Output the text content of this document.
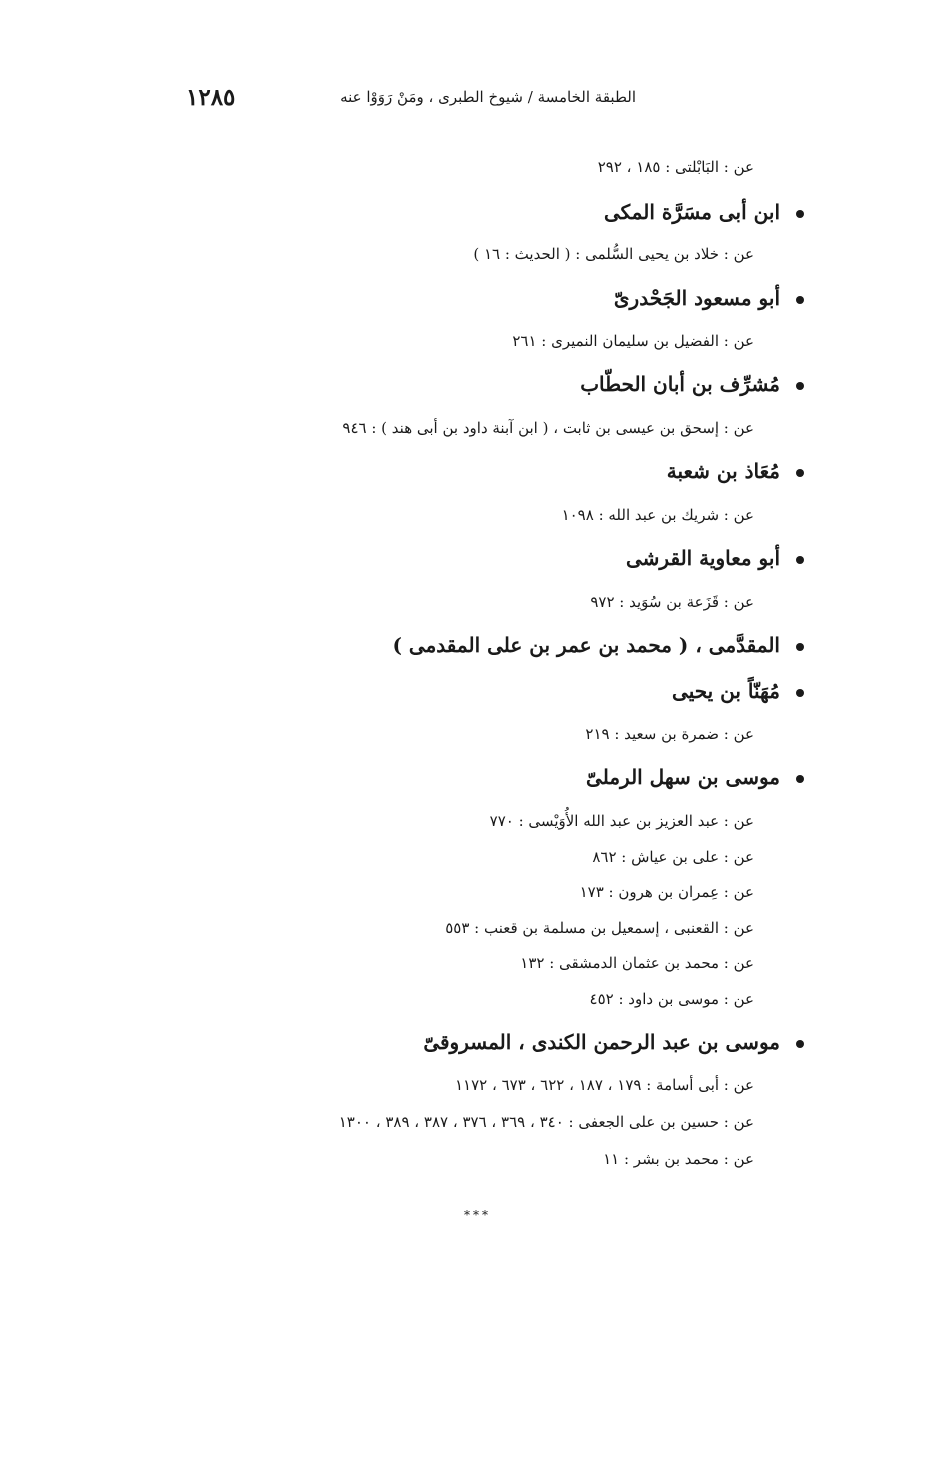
١٢٨٥	الطبقة الخامسة / شيوخ الطبرى ، ومَنْ رَوَوْا عنه
عن : البَابْلتى : ١٨٥ ، ٢٩٢
ابن أبى مسَرَّة المكى
عن : خلاد بن يحيى السُّلمى : ( الحديث : ١٦ )
أبو مسعود الجَحْدرىّ
عن : الفضيل بن سليمان النميرى : ٢٦١
مُشرِّف بن أبان الحطّاب
عن : إسحق بن عيسى بن ثابت ، ( ابن آبنة داود بن أبى هند ) : ٩٤٦
مُعَاذ بن شعبة
عن : شريك بن عبد الله : ١٠٩٨
أبو معاوية القرشى
عن : قَزَعة بن سُوَيد : ٩٧٢
المقدَّمى ، ( محمد بن عمر بن على المقدمى )
مُهَنّاً بن يحيى
عن : ضمرة بن سعيد : ٢١٩
موسى بن سهل الرملىّ
عن : عبد العزيز بن عبد الله الأُوَيْسى : ٧٧٠
عن : على بن عياش : ٨٦٢
عن : عِمران بن هرون : ١٧٣
عن : القعنبى ، إسمعيل بن مسلمة بن قعنب : ٥٥٣
عن : محمد بن عثمان الدمشقى : ١٣٢
عن : موسى بن داود : ٤٥٢
موسى بن عبد الرحمن الكندى ، المسروقىّ
عن : أبى أسامة : ١٧٩ ، ١٨٧ ، ٦٢٢ ، ٦٧٣ ، ١١٧٢
عن : حسين بن على الجعفى : ٣٤٠ ، ٣٦٩ ، ٣٧٦ ، ٣٨٧ ، ٣٨٩ ، ١٣٠٠
عن : محمد بن بشر : ١١
***
